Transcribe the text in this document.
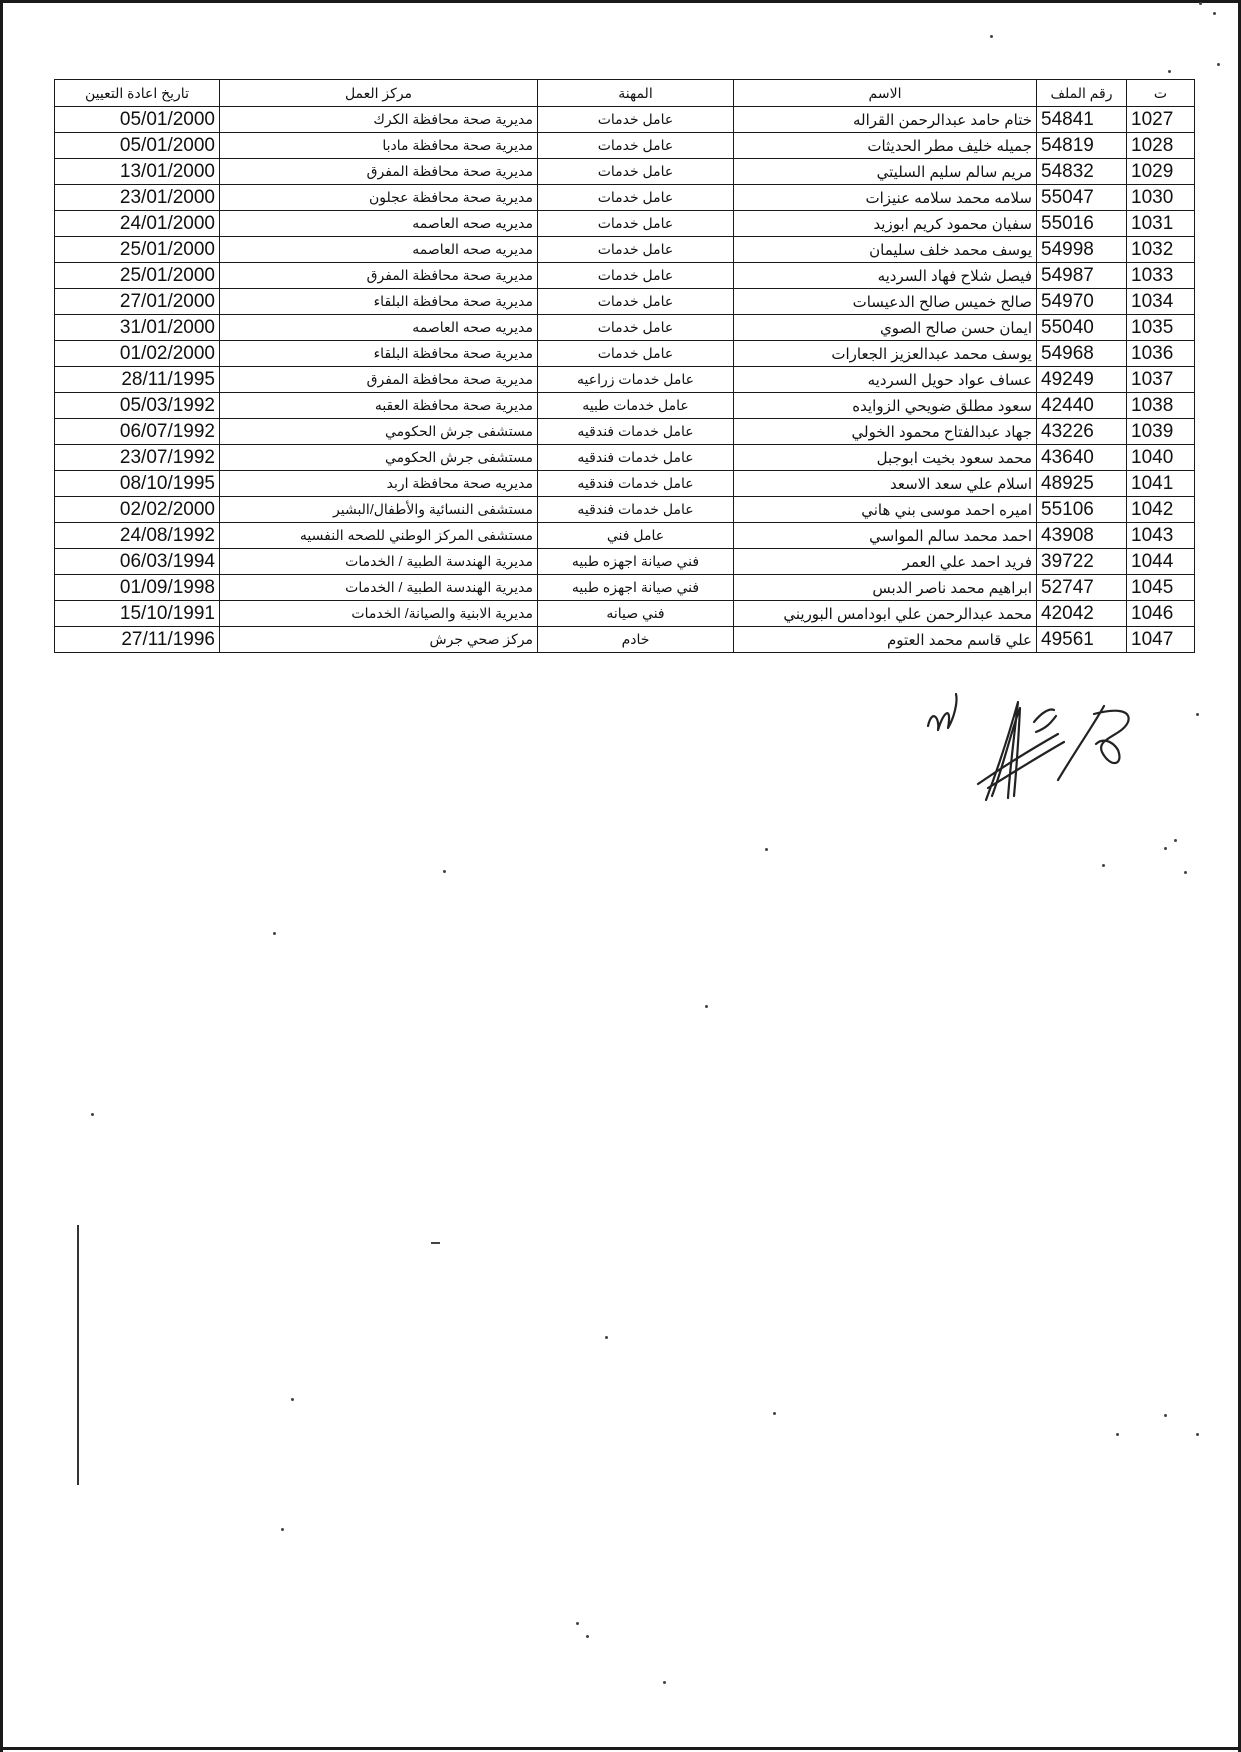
ت	رقم الملف	الاسم	المهنة	مركز العمل	تاريخ اعادة التعيين
1027	54841	ختام حامد عبدالرحمن القراله	عامل خدمات	مديرية صحة محافظة الكرك	05/01/2000
1028	54819	جميله خليف مطر الحديثات	عامل خدمات	مديرية صحة محافظة مادبا	05/01/2000
1029	54832	مريم سالم سليم السليتي	عامل خدمات	مديرية صحة محافظة المفرق	13/01/2000
1030	55047	سلامه محمد سلامه عنيزات	عامل خدمات	مديرية صحة محافظة عجلون	23/01/2000
1031	55016	سفيان محمود كريم ابوزيد	عامل خدمات	مديريه صحه العاصمه	24/01/2000
1032	54998	يوسف محمد خلف سليمان	عامل خدمات	مديريه صحه العاصمه	25/01/2000
1033	54987	فيصل شلاح فهاد السرديه	عامل خدمات	مديرية صحة محافظة المفرق	25/01/2000
1034	54970	صالح خميس صالح الدعيسات	عامل خدمات	مديرية صحة محافظة البلقاء	27/01/2000
1035	55040	ايمان حسن صالح الصوي	عامل خدمات	مديريه صحه العاصمه	31/01/2000
1036	54968	يوسف محمد عبدالعزيز الجعارات	عامل خدمات	مديرية صحة محافظة البلقاء	01/02/2000
1037	49249	عساف عواد حويل السرديه	عامل خدمات زراعيه	مديرية صحة محافظة المفرق	28/11/1995
1038	42440	سعود مطلق ضويحي الزوايده	عامل خدمات طبيه	مديرية صحة محافظة العقبه	05/03/1992
1039	43226	جهاد عبدالفتاح محمود الخولي	عامل خدمات فندقيه	مستشفى جرش الحكومي	06/07/1992
1040	43640	محمد سعود بخيت ابوجبل	عامل خدمات فندقيه	مستشفى جرش الحكومي	23/07/1992
1041	48925	اسلام علي سعد الاسعد	عامل خدمات فندقيه	مديريه صحة محافظة اربد	08/10/1995
1042	55106	اميره احمد موسى بني هاني	عامل خدمات فندقيه	مستشفى النسائية والأطفال/البشير	02/02/2000
1043	43908	احمد محمد سالم المواسي	عامل فني	مستشفى المركز الوطني للصحه النفسيه	24/08/1992
1044	39722	فريد احمد علي العمر	فني صيانة اجهزه طبيه	مديرية الهندسة الطبية / الخدمات	06/03/1994
1045	52747	ابراهيم محمد ناصر الدبس	فني صيانة اجهزه طبيه	مديرية الهندسة الطبية / الخدمات	01/09/1998
1046	42042	محمد عبدالرحمن علي ابودامس البوريني	فني صيانه	مديرية الابنية والصيانة/ الخدمات	15/10/1991
1047	49561	علي قاسم محمد العتوم	خادم	مركز صحي جرش	27/11/1996
